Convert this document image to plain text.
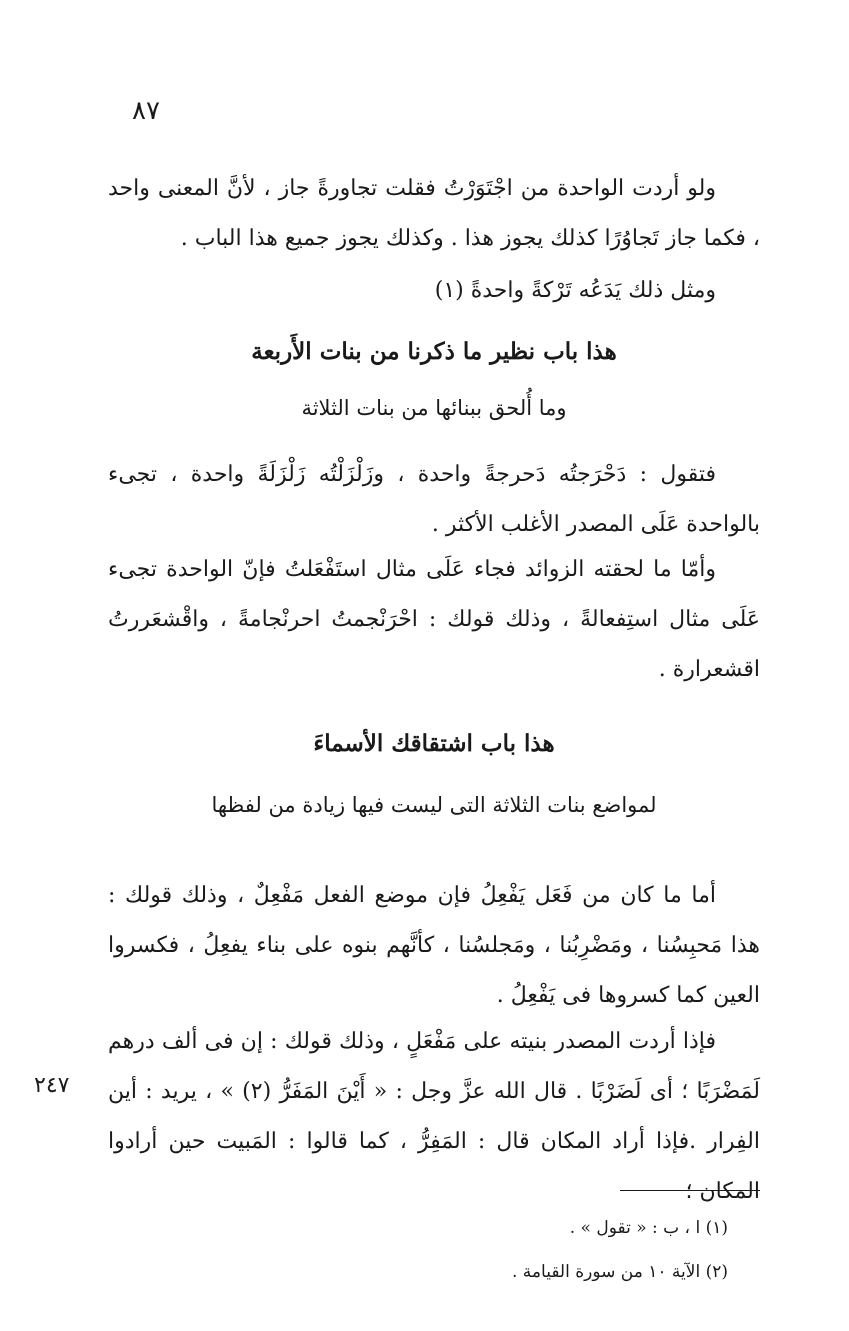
٨٧
ولو أردت الواحدة من اجْتَوَرْتُ فقلت تجاورةً جاز ، لأنَّ المعنى واحد ، فكما جاز تَجاوُرًا كذلك يجوز هذا . وكذلك يجوز جميع هذا الباب .
ومثل ذلك يَدَعُه تَرْكةً واحدةً (١)
هذا باب نظير ما ذكرنا من بنات الأَربعة
وما أُلحق ببنائها من بنات الثلاثة
فتقول : دَحْرَجتُه دَحرجةً واحدة ، وزَلْزَلْتُه زَلْزَلَةً واحدة ، تجىء بالواحدة عَلَى المصدر الأغلب الأكثر .
وأمّا ما لحقته الزوائد فجاء عَلَى مثال استَفْعَلتُ فإنّ الواحدة تجىء عَلَى مثال استِفعالةً ، وذلك قولك : احْرَنْجمتُ احرنْجامةً ، واقْشعَررتُ اقشعرارة .
هذا باب اشتقاقك الأسماءَ
لمواضع بنات الثلاثة التى ليست فيها زيادة من لفظها
أما ما كان من فَعَل يَفْعِلُ فإن موضع الفعل مَفْعِلٌ ، وذلك قولك : هذا مَحبِسُنا ، ومَضْرِبُنا ، ومَجلسُنا ، كأنَّهم بنوه على بناء يفعِلُ ، فكسروا العين كما كسروها فى يَفْعِلُ .
فإذا أردت المصدر بنيته على مَفْعَلٍ ، وذلك قولك : إن فى ألف درهم لَمَضْرَبًا ؛ أى لَضَرْبًا . قال الله عزَّ وجل : « أَيْنَ المَفَرُّ (٢) » ، يريد : أين الفِرار .فإذا أراد المكان قال : المَفِرُّ ، كما قالوا : المَبيت حين أرادوا المكان ؛
٢٤٧
(١) ا ، ب : « تقول » .
(٢) الآية ١٠ من سورة القيامة .
